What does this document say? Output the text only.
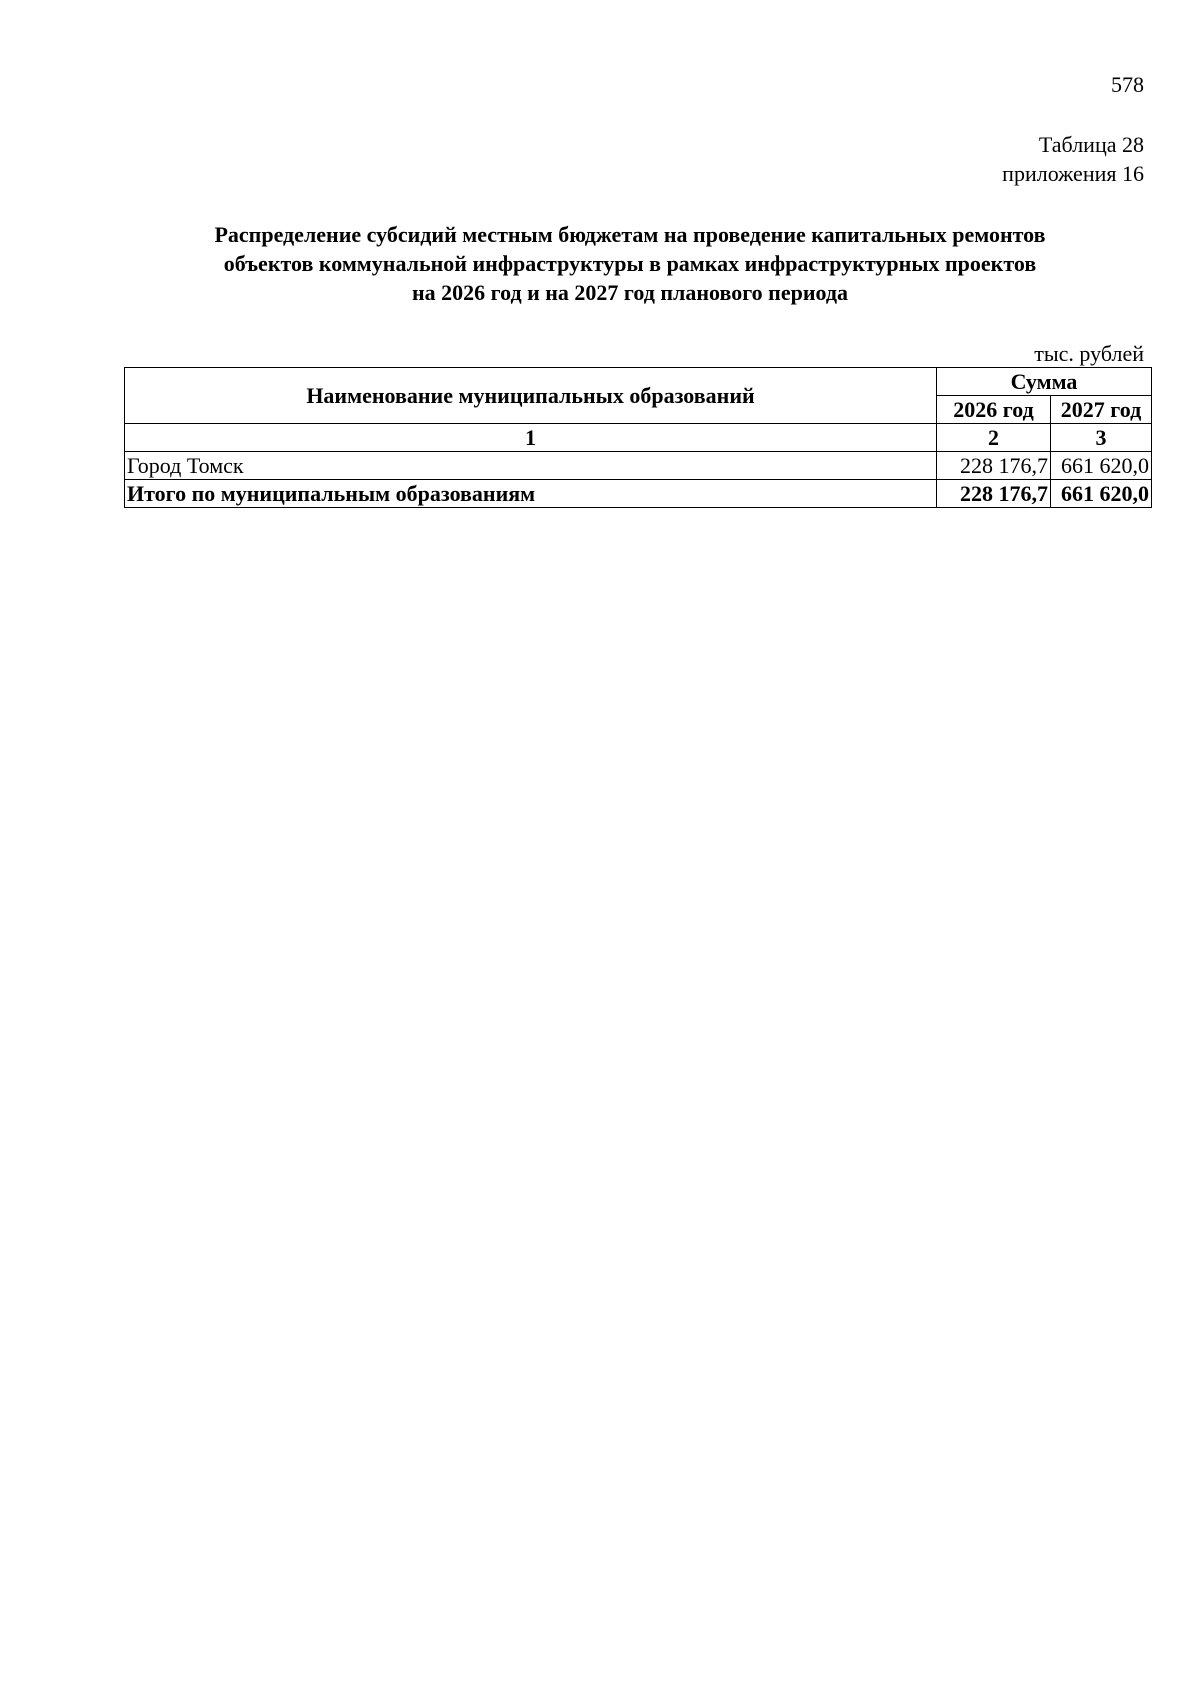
578
Таблица 28
приложения 16
Распределение субсидий местным бюджетам на проведение капитальных ремонтов
объектов коммунальной инфраструктуры в рамках инфраструктурных проектов
на 2026 год и на 2027 год планового периода
тыс. рублей
Наименование муниципальных образований	Сумма	
	2026 год	2027 год
1	2	3
Город Томск	228 176,7	661 620,0
Итого по муниципальным образованиям	228 176,7	661 620,0
